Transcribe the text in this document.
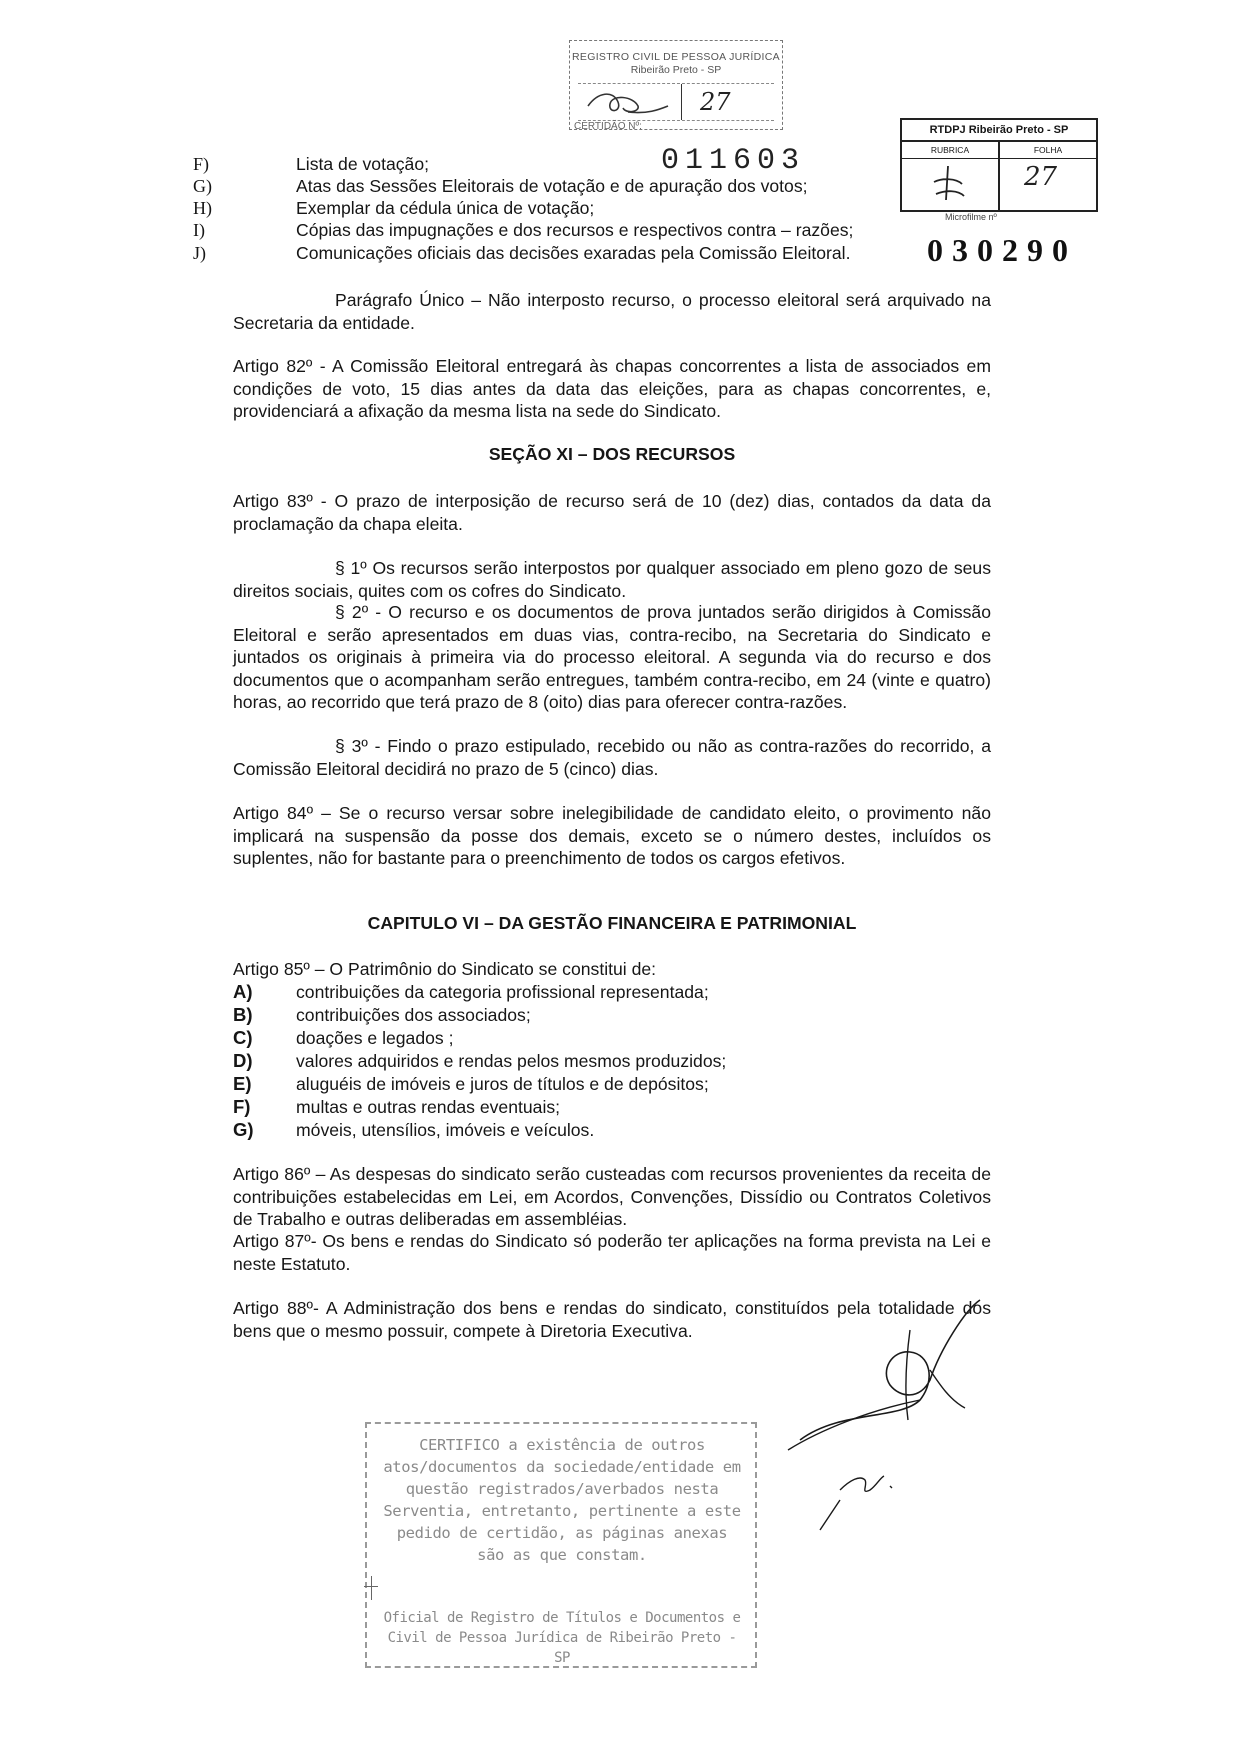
REGISTRO CIVIL DE PESSOA JURÍDICA
Ribeirão Preto - SP
27
CERTIDÃO Nº:
011603
RTDPJ Ribeirão Preto - SP
RUBRICA	FOLHA
27
Microfilme nº
030290
F)	Lista de votação;
G)	Atas das Sessões Eleitorais de votação e de apuração dos votos;
H)	Exemplar da cédula única de votação;
I)	Cópias das impugnações e dos recursos e respectivos contra – razões;
J)	Comunicações oficiais das decisões exaradas pela Comissão Eleitoral.
Parágrafo Único – Não interposto recurso, o processo eleitoral será arquivado na Secretaria da entidade.
Artigo 82º - A Comissão Eleitoral entregará às chapas concorrentes a lista de associados em condições de voto, 15 dias antes da data das eleições, para as chapas concorrentes, e, providenciará a afixação da mesma lista na sede do Sindicato.
SEÇÃO XI – DOS RECURSOS
Artigo 83º - O prazo de interposição de recurso será de 10 (dez) dias, contados da data da proclamação da chapa eleita.
§ 1º Os recursos serão interpostos por qualquer associado em pleno gozo de seus direitos sociais, quites com os cofres do Sindicato.
§ 2º - O recurso e os documentos de prova juntados serão dirigidos à Comissão Eleitoral e serão apresentados em duas vias, contra-recibo, na Secretaria do Sindicato e juntados os originais à primeira via do processo eleitoral. A segunda via do recurso e dos documentos que o acompanham serão entregues, também contra-recibo, em 24 (vinte e quatro) horas, ao recorrido que terá prazo de 8 (oito) dias para oferecer contra-razões.
§ 3º - Findo o prazo estipulado, recebido ou não as contra-razões do recorrido, a Comissão Eleitoral decidirá no prazo de 5 (cinco) dias.
Artigo 84º – Se o recurso versar sobre inelegibilidade de candidato eleito, o provimento não implicará na suspensão da posse dos demais, exceto se o número destes, incluídos os suplentes, não for bastante para o preenchimento de todos os cargos efetivos.
CAPITULO VI – DA GESTÃO FINANCEIRA E PATRIMONIAL
Artigo 85º – O Patrimônio do Sindicato se constitui de:
A) contribuições da categoria profissional representada;
B) contribuições dos associados;
C) doações e legados ;
D) valores adquiridos e rendas pelos mesmos produzidos;
E)	aluguéis de imóveis e juros de títulos e de depósitos;
F)	multas e outras rendas eventuais;
G) móveis, utensílios, imóveis e veículos.
Artigo 86º – As despesas do sindicato serão custeadas com recursos provenientes da receita de contribuições estabelecidas em Lei, em Acordos, Convenções, Dissídio ou Contratos Coletivos de Trabalho e outras deliberadas em assembléias.
Artigo 87º- Os bens e rendas do Sindicato só poderão ter aplicações na forma prevista na Lei e neste Estatuto.
Artigo 88º- A Administração dos bens e rendas do sindicato, constituídos pela totalidade dos bens que o mesmo possuir, compete à Diretoria Executiva.
CERTIFICO a existência de outros atos/documentos da sociedade/entidade em questão registrados/averbados nesta Serventia, entretanto, pertinente a este pedido de certidão, as páginas anexas são as que constam.
Oficial de Registro de Títulos e Documentos e Civil de Pessoa Jurídica de Ribeirão Preto - SP
